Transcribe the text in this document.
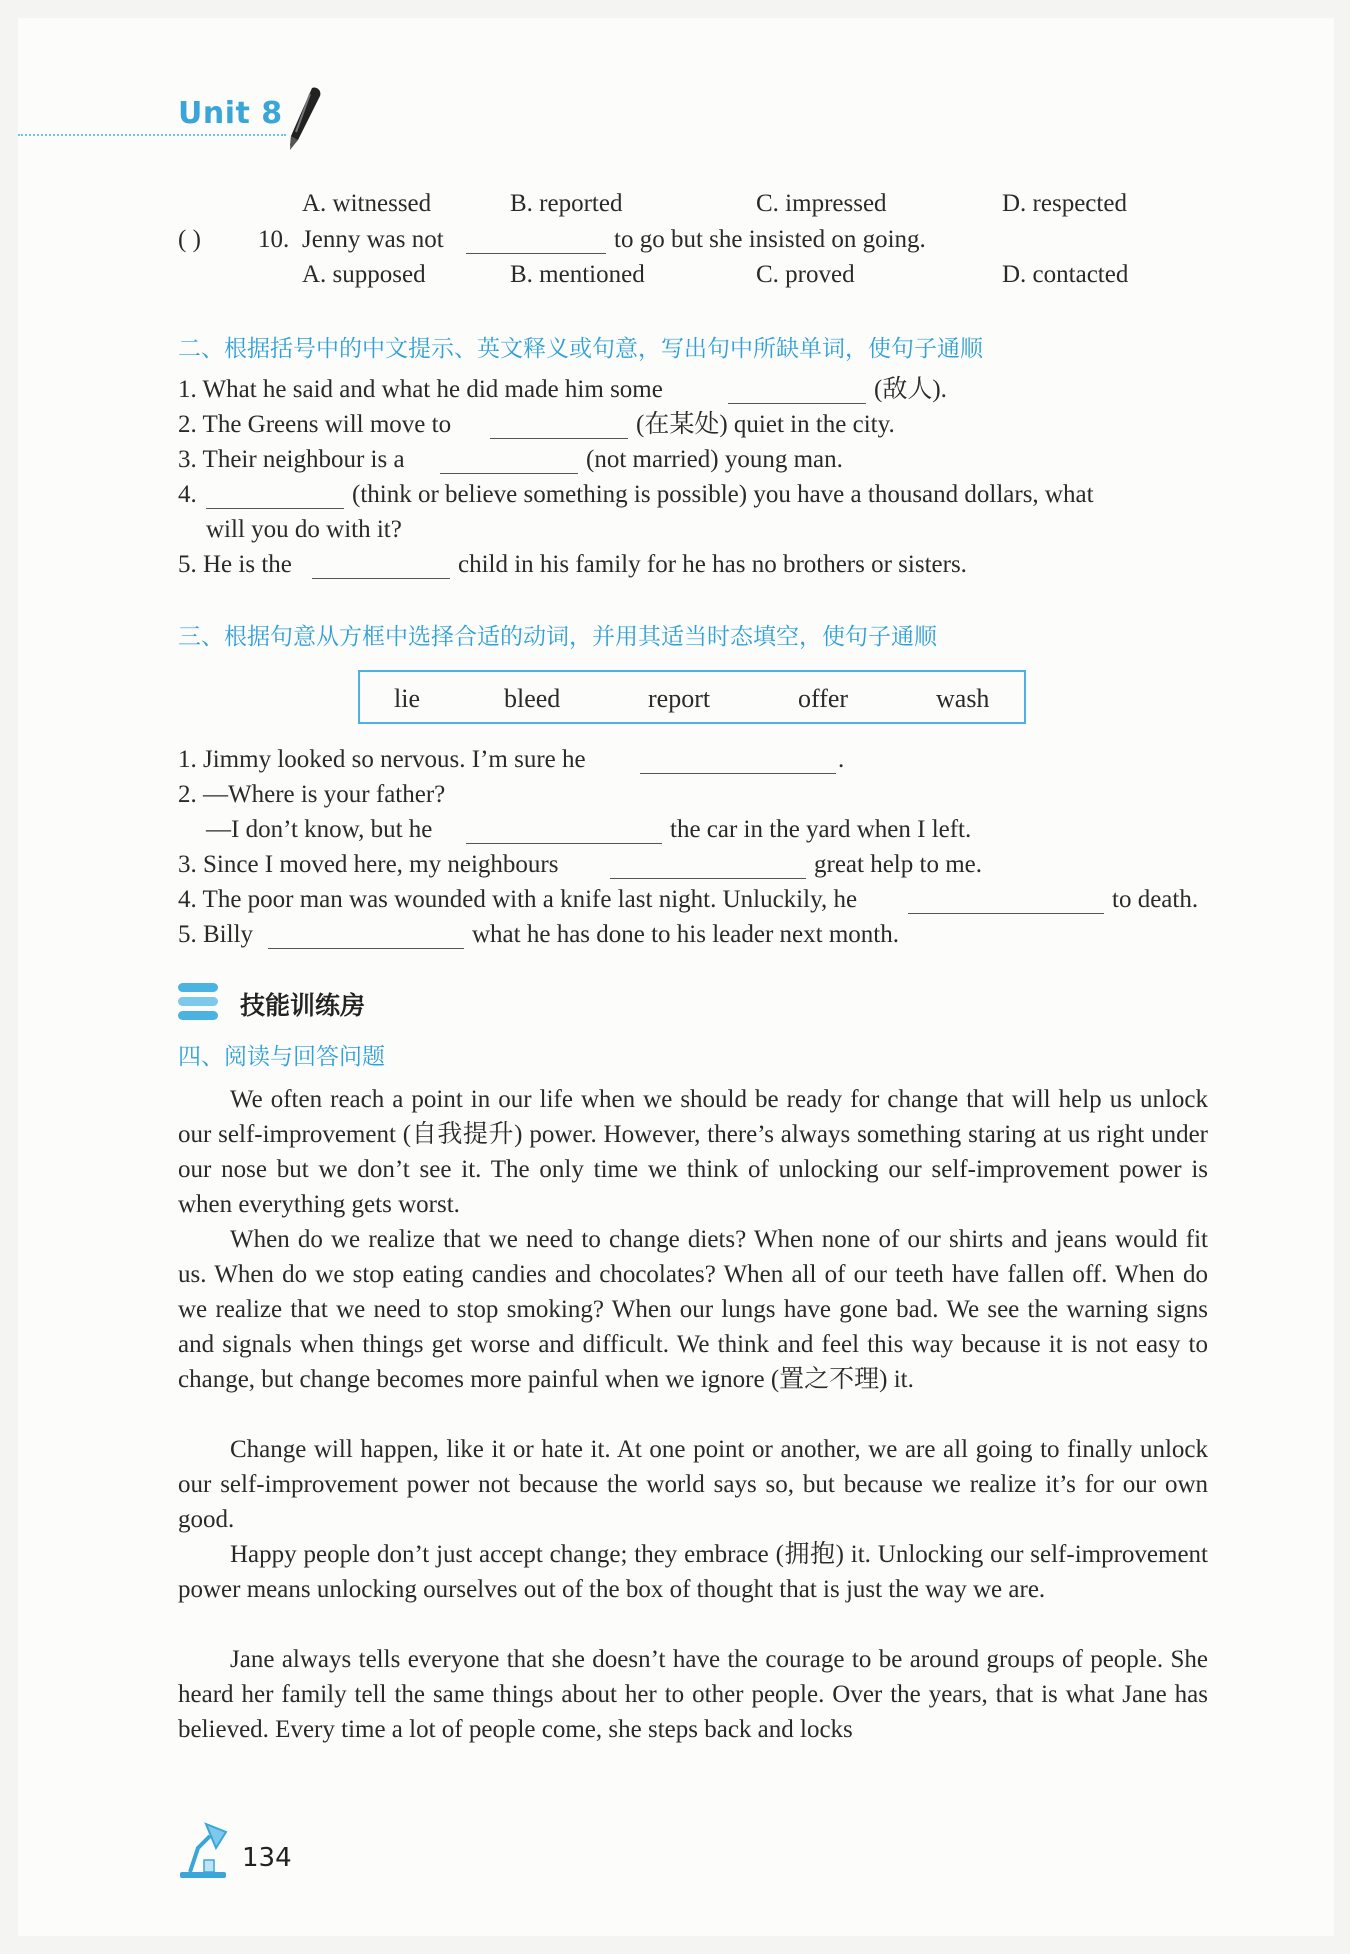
Unit 8
A. witnessed	B. reported	C. impressed	D. respected
( ) 10. Jenny was not	to go but she insisted on going.
A. supposed	B. mentioned	C. proved	D. contacted
二、根据括号中的中文提示、英文释义或句意，写出句中所缺单词，使句子通顺
1. What he said and what he did made him some	(敌人).
2. The Greens will move to	(在某处) quiet in the city.
3. Their neighbour is a	(not married) young man.
4.	(think or believe something is possible) you have a thousand dollars, what
will you do with it?
5. He is the	child in his family for he has no brothers or sisters.
三、根据句意从方框中选择合适的动词，并用其适当时态填空，使句子通顺
lie	bleed	report	offer	wash
1. Jimmy looked so nervous. I’m sure he	.
2. —Where is your father?
—I don’t know, but he	the car in the yard when I left.
3. Since I moved here, my neighbours	great help to me.
4. The poor man was wounded with a knife last night. Unluckily, he	to death.
5. Billy	what he has done to his leader next month.
技能训练房
四、阅读与回答问题
We often reach a point in our life when we should be ready for change that will help us unlock our self-improvement (自我提升) power. However, there’s always something staring at us right under our nose but we don’t see it. The only time we think of unlocking our self-improvement power is when everything gets worst.
When do we realize that we need to change diets? When none of our shirts and jeans would fit us. When do we stop eating candies and chocolates? When all of our teeth have fallen off. When do we realize that we need to stop smoking? When our lungs have gone bad. We see the warning signs and signals when things get worse and difficult. We think and feel this way because it is not easy to change, but change becomes more painful when we ignore (置之不理) it.
Change will happen, like it or hate it. At one point or another, we are all going to finally unlock our self-improvement power not because the world says so, but because we realize it’s for our own good.
Happy people don’t just accept change; they embrace (拥抱) it. Unlocking our self-improvement power means unlocking ourselves out of the box of thought that is just the way we are.
Jane always tells everyone that she doesn’t have the courage to be around groups of people. She heard her family tell the same things about her to other people. Over the years, that is what Jane has believed. Every time a lot of people come, she steps back and locks
134
